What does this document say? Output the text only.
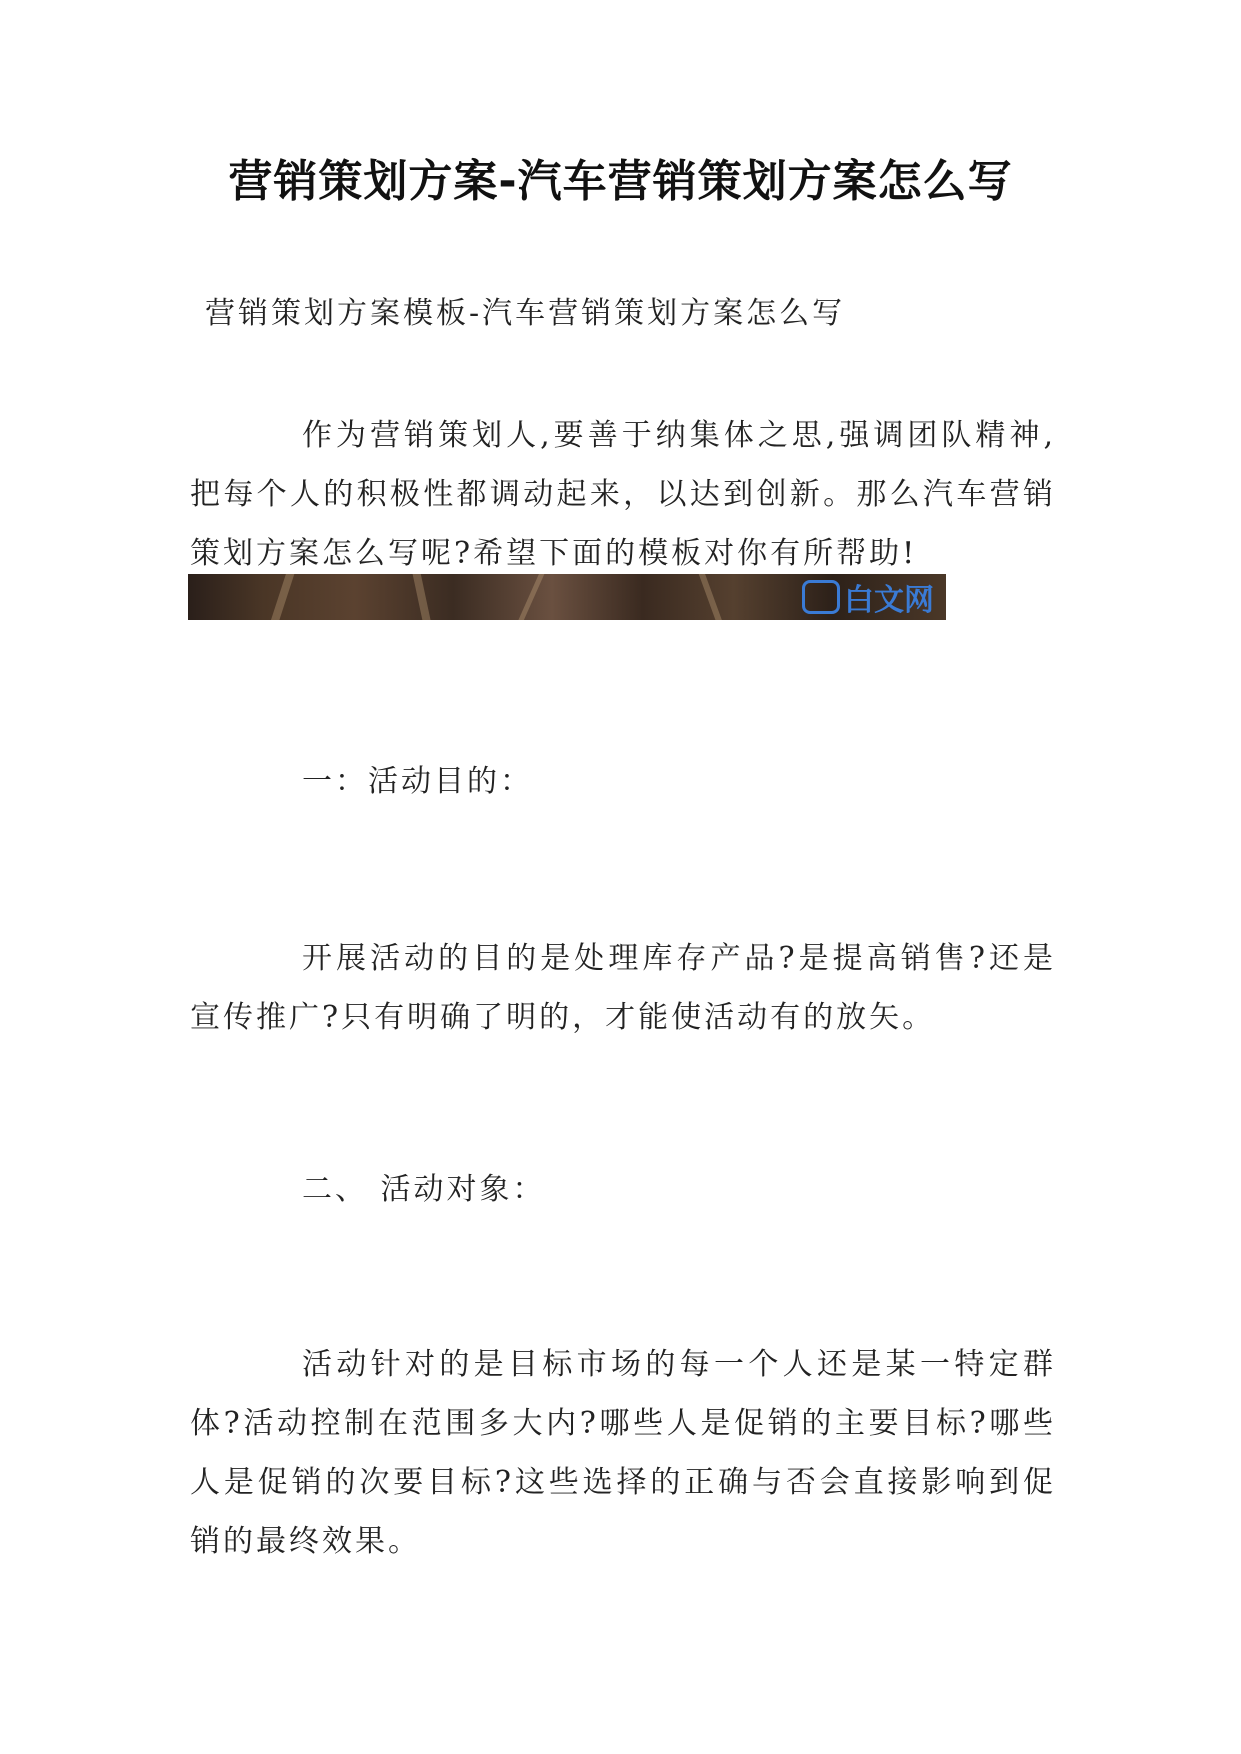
营销策划方案-汽车营销策划方案怎么写
营销策划方案模板-汽车营销策划方案怎么写
作为营销策划人,要善于纳集体之思,强调团队精神,把每个人的积极性都调动起来，以达到创新。那么汽车营销策划方案怎么写呢?希望下面的模板对你有所帮助!
白文网
一：活动目的：
开展活动的目的是处理库存产品?是提高销售?还是宣传推广?只有明确了明的，才能使活动有的放矢。
二、 活动对象：
活动针对的是目标市场的每一个人还是某一特定群体?活动控制在范围多大内?哪些人是促销的主要目标?哪些人是促销的次要目标?这些选择的正确与否会直接影响到促销的最终效果。
